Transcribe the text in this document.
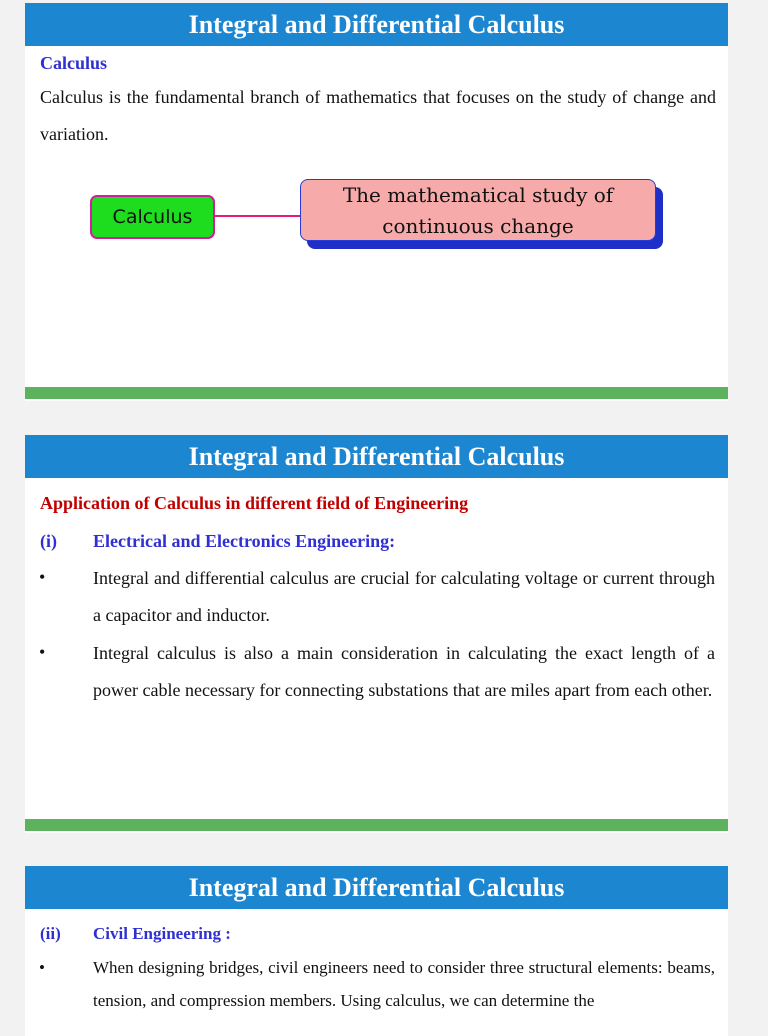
Integral and Differential Calculus
Calculus
Calculus is the fundamental branch of mathematics that focuses on the study of change and variation.
Calculus
The mathematical study of
continuous change
Integral and Differential Calculus
Application of Calculus in different field of Engineering
(i) Electrical and Electronics Engineering:
•	Integral and differential calculus are crucial for calculating voltage or current through a capacitor and inductor.
•	Integral calculus is also a main consideration in calculating the exact length of a power cable necessary for connecting substations that are miles apart from each other.
Integral and Differential Calculus
(ii) Civil Engineering :
•	When designing bridges, civil engineers need to consider three structural elements: beams, tension, and compression members. Using calculus, we can determine the
